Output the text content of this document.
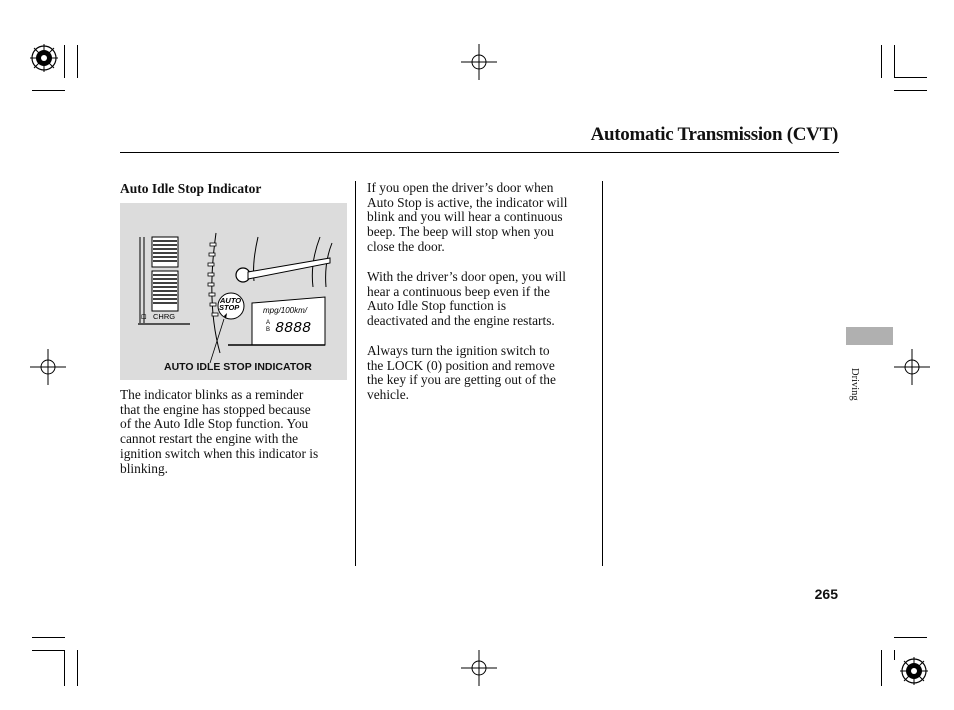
Automatic Transmission (CVT)
Auto Idle Stop Indicator
⊡ CHRG
mpg/100km/
A
B 8888
AUTO
STOP
AUTO IDLE STOP INDICATOR
The indicator blinks as a reminder
that the engine has stopped because
of the Auto Idle Stop function. You
cannot restart the engine with the
ignition switch when this indicator is
blinking.
If you open the driver’s door when
Auto Stop is active, the indicator will
blink and you will hear a continuous
beep. The beep will stop when you
close the door.
With the driver’s door open, you will
hear a continuous beep even if the
Auto Idle Stop function is
deactivated and the engine restarts.
Always turn the ignition switch to
the LOCK (0) position and remove
the key if you are getting out of the
vehicle.	Driving
265
